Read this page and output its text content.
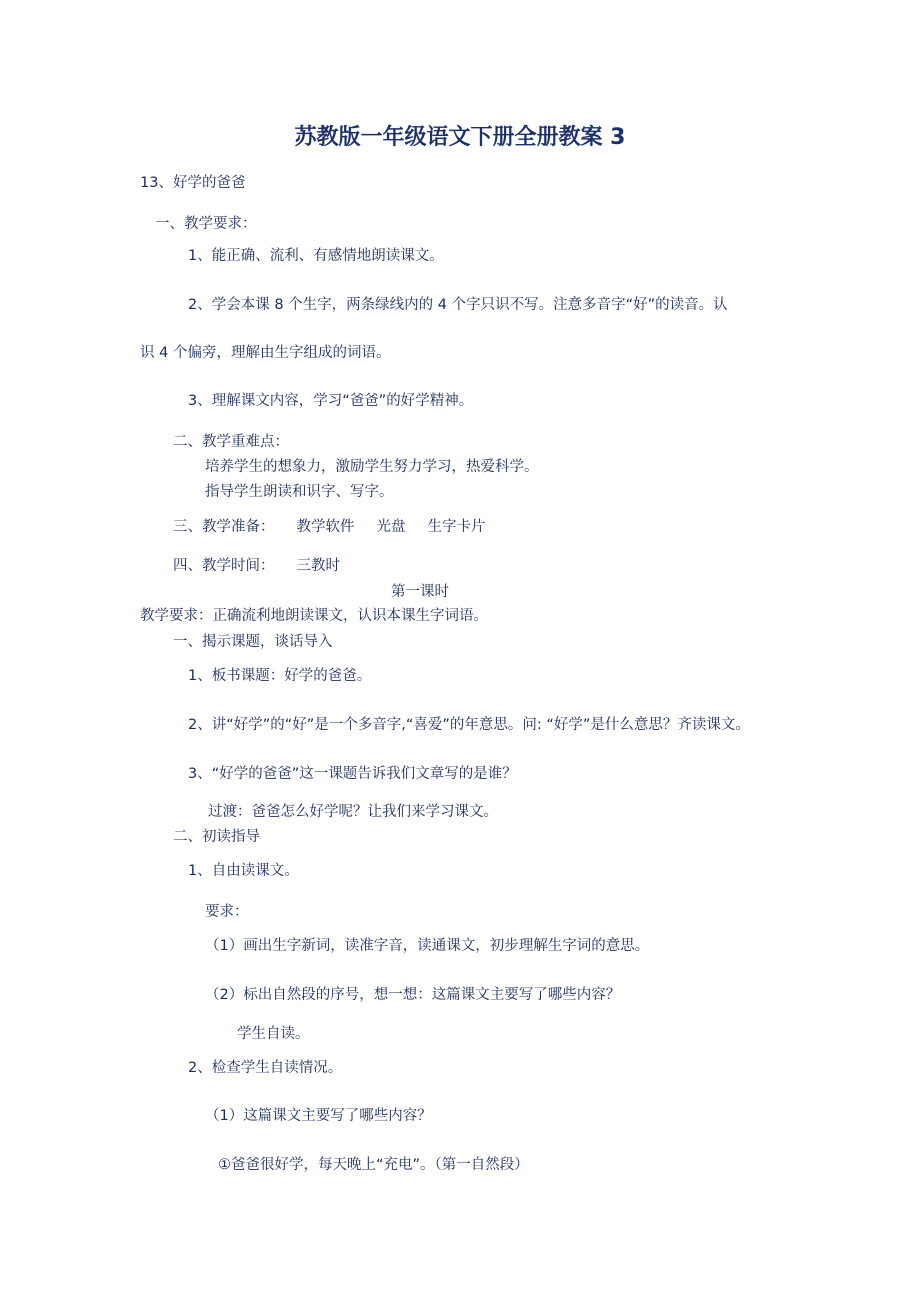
苏教版一年级语文下册全册教案 3

13、好学的爸爸

一、教学要求：

1、能正确、流利、有感情地朗读课文。

2、学会本课 8 个生字，两条绿线内的 4 个字只识不写。注意多音字“好”的读音。认

识 4 个偏旁，理解由生字组成的词语。

3、理解课文内容，学习“爸爸”的好学精神。

二、教学重难点：

培养学生的想象力，激励学生努力学习，热爱科学。

指导学生朗读和识字、写字。

三、教学准备： 教学软件 光盘 生字卡片

四、教学时间： 三教时

第一课时

教学要求：正确流利地朗读课文，认识本课生字词语。

一、揭示课题，谈话导入

1、板书课题：好学的爸爸。

2、讲“好学”的“好”是一个多音字,“喜爱”的年意思。问: “好学”是什么意思？齐读课文。

3、“好学的爸爸”这一课题告诉我们文章写的是谁？

过渡：爸爸怎么好学呢？让我们来学习课文。

二、初读指导

1、自由读课文。

要求：

（1）画出生字新词，读准字音，读通课文，初步理解生字词的意思。

（2）标出自然段的序号，想一想：这篇课文主要写了哪些内容？

学生自读。

2、检查学生自读情况。

（1）这篇课文主要写了哪些内容？

①爸爸很好学，每天晚上“充电”。（第一自然段）
